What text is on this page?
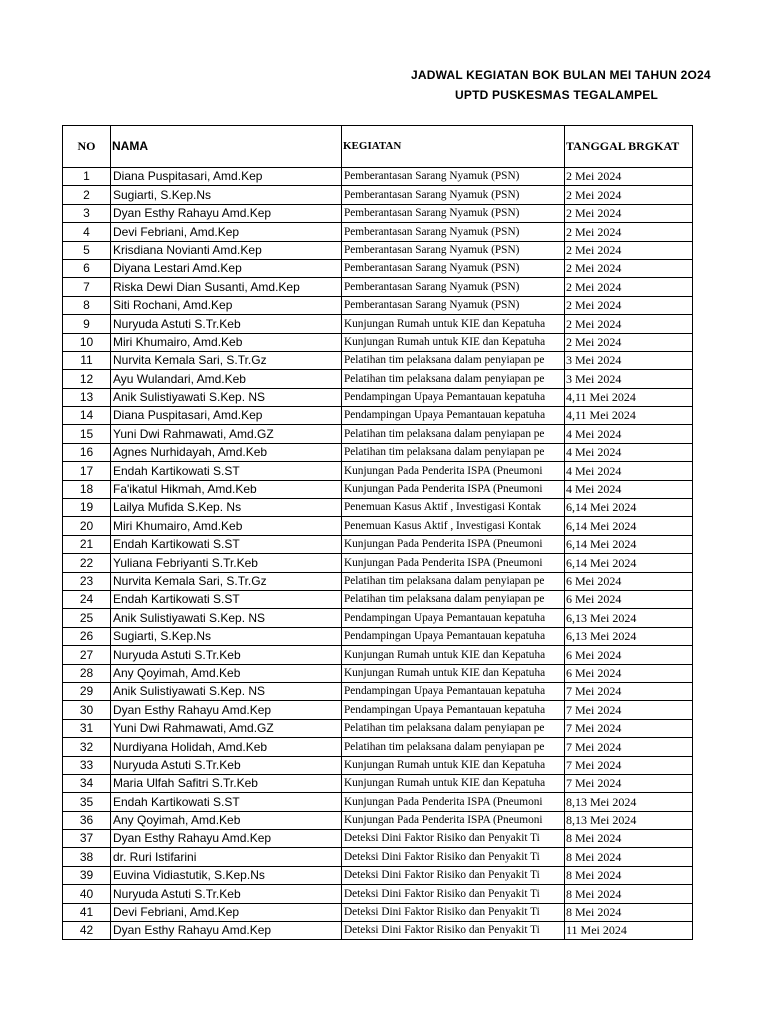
JADWAL KEGIATAN BOK BULAN MEI TAHUN 2O24
UPTD PUSKESMAS TEGALAMPEL
NO	NAMA	KEGIATAN	TANGGAL BRGKAT
1	Diana Puspitasari, Amd.Kep	Pemberantasan Sarang Nyamuk (PSN)	2 Mei 2024
2	Sugiarti, S.Kep.Ns	Pemberantasan Sarang Nyamuk (PSN)	2 Mei 2024
3	Dyan Esthy Rahayu Amd.Kep	Pemberantasan Sarang Nyamuk (PSN)	2 Mei 2024
4	Devi Febriani, Amd.Kep	Pemberantasan Sarang Nyamuk (PSN)	2 Mei 2024
5	Krisdiana Novianti Amd.Kep	Pemberantasan Sarang Nyamuk (PSN)	2 Mei 2024
6	Diyana Lestari Amd.Kep	Pemberantasan Sarang Nyamuk (PSN)	2 Mei 2024
7	Riska Dewi Dian Susanti, Amd.Kep	Pemberantasan Sarang Nyamuk (PSN)	2 Mei 2024
8	Siti Rochani, Amd.Kep	Pemberantasan Sarang Nyamuk (PSN)	2 Mei 2024
9	Nuryuda Astuti S.Tr.Keb	Kunjungan Rumah untuk KIE dan Kepatuha	2 Mei 2024
10	Miri Khumairo, Amd.Keb	Kunjungan Rumah untuk KIE dan Kepatuha	2 Mei 2024
11	Nurvita Kemala Sari, S.Tr.Gz	Pelatihan tim pelaksana dalam penyiapan pe	3 Mei 2024
12	Ayu Wulandari, Amd.Keb	Pelatihan tim pelaksana dalam penyiapan pe	3 Mei 2024
13	Anik Sulistiyawati S.Kep. NS	Pendampingan Upaya Pemantauan kepatuha	4,11 Mei 2024
14	Diana Puspitasari, Amd.Kep	Pendampingan Upaya Pemantauan kepatuha	4,11 Mei 2024
15	Yuni Dwi Rahmawati, Amd.GZ	Pelatihan tim pelaksana dalam penyiapan pe	4 Mei 2024
16	Agnes Nurhidayah, Amd.Keb	Pelatihan tim pelaksana dalam penyiapan pe	4 Mei 2024
17	Endah Kartikowati S.ST	Kunjungan Pada Penderita ISPA (Pneumoni	4 Mei 2024
18	Fa'ikatul Hikmah, Amd.Keb	Kunjungan Pada Penderita ISPA (Pneumoni	4 Mei 2024
19	Lailya Mufida S.Kep. Ns	Penemuan Kasus Aktif , Investigasi Kontak	6,14 Mei 2024
20	Miri Khumairo, Amd.Keb	Penemuan Kasus Aktif , Investigasi Kontak	6,14 Mei 2024
21	Endah Kartikowati S.ST	Kunjungan Pada Penderita ISPA (Pneumoni	6,14 Mei 2024
22	Yuliana Febriyanti S.Tr.Keb	Kunjungan Pada Penderita ISPA (Pneumoni	6,14 Mei 2024
23	Nurvita Kemala Sari, S.Tr.Gz	Pelatihan tim pelaksana dalam penyiapan pe	6 Mei 2024
24	Endah Kartikowati S.ST	Pelatihan tim pelaksana dalam penyiapan pe	6 Mei 2024
25	Anik Sulistiyawati S.Kep. NS	Pendampingan Upaya Pemantauan kepatuha	6,13 Mei 2024
26	Sugiarti, S.Kep.Ns	Pendampingan Upaya Pemantauan kepatuha	6,13 Mei 2024
27	Nuryuda Astuti S.Tr.Keb	Kunjungan Rumah untuk KIE dan Kepatuha	6 Mei 2024
28	Any Qoyimah, Amd.Keb	Kunjungan Rumah untuk KIE dan Kepatuha	6 Mei 2024
29	Anik Sulistiyawati S.Kep. NS	Pendampingan Upaya Pemantauan kepatuha	7 Mei 2024
30	Dyan Esthy Rahayu Amd.Kep	Pendampingan Upaya Pemantauan kepatuha	7 Mei 2024
31	Yuni Dwi Rahmawati, Amd.GZ	Pelatihan tim pelaksana dalam penyiapan pe	7 Mei 2024
32	Nurdiyana Holidah, Amd.Keb	Pelatihan tim pelaksana dalam penyiapan pe	7 Mei 2024
33	Nuryuda Astuti S.Tr.Keb	Kunjungan Rumah untuk KIE dan Kepatuha	7 Mei 2024
34	Maria Ulfah Safitri S.Tr.Keb	Kunjungan Rumah untuk KIE dan Kepatuha	7 Mei 2024
35	Endah Kartikowati S.ST	Kunjungan Pada Penderita ISPA (Pneumoni	8,13 Mei 2024
36	Any Qoyimah, Amd.Keb	Kunjungan Pada Penderita ISPA (Pneumoni	8,13 Mei 2024
37	Dyan Esthy Rahayu Amd.Kep	Deteksi Dini Faktor Risiko dan Penyakit Ti	8 Mei 2024
38	dr. Ruri Istifarini	Deteksi Dini Faktor Risiko dan Penyakit Ti	8 Mei 2024
39	Euvina Vidiastutik, S.Kep.Ns	Deteksi Dini Faktor Risiko dan Penyakit Ti	8 Mei 2024
40	Nuryuda Astuti S.Tr.Keb	Deteksi Dini Faktor Risiko dan Penyakit Ti	8 Mei 2024
41	Devi Febriani, Amd.Kep	Deteksi Dini Faktor Risiko dan Penyakit Ti	8 Mei 2024
42	Dyan Esthy Rahayu Amd.Kep	Deteksi Dini Faktor Risiko dan Penyakit Ti	11 Mei 2024
